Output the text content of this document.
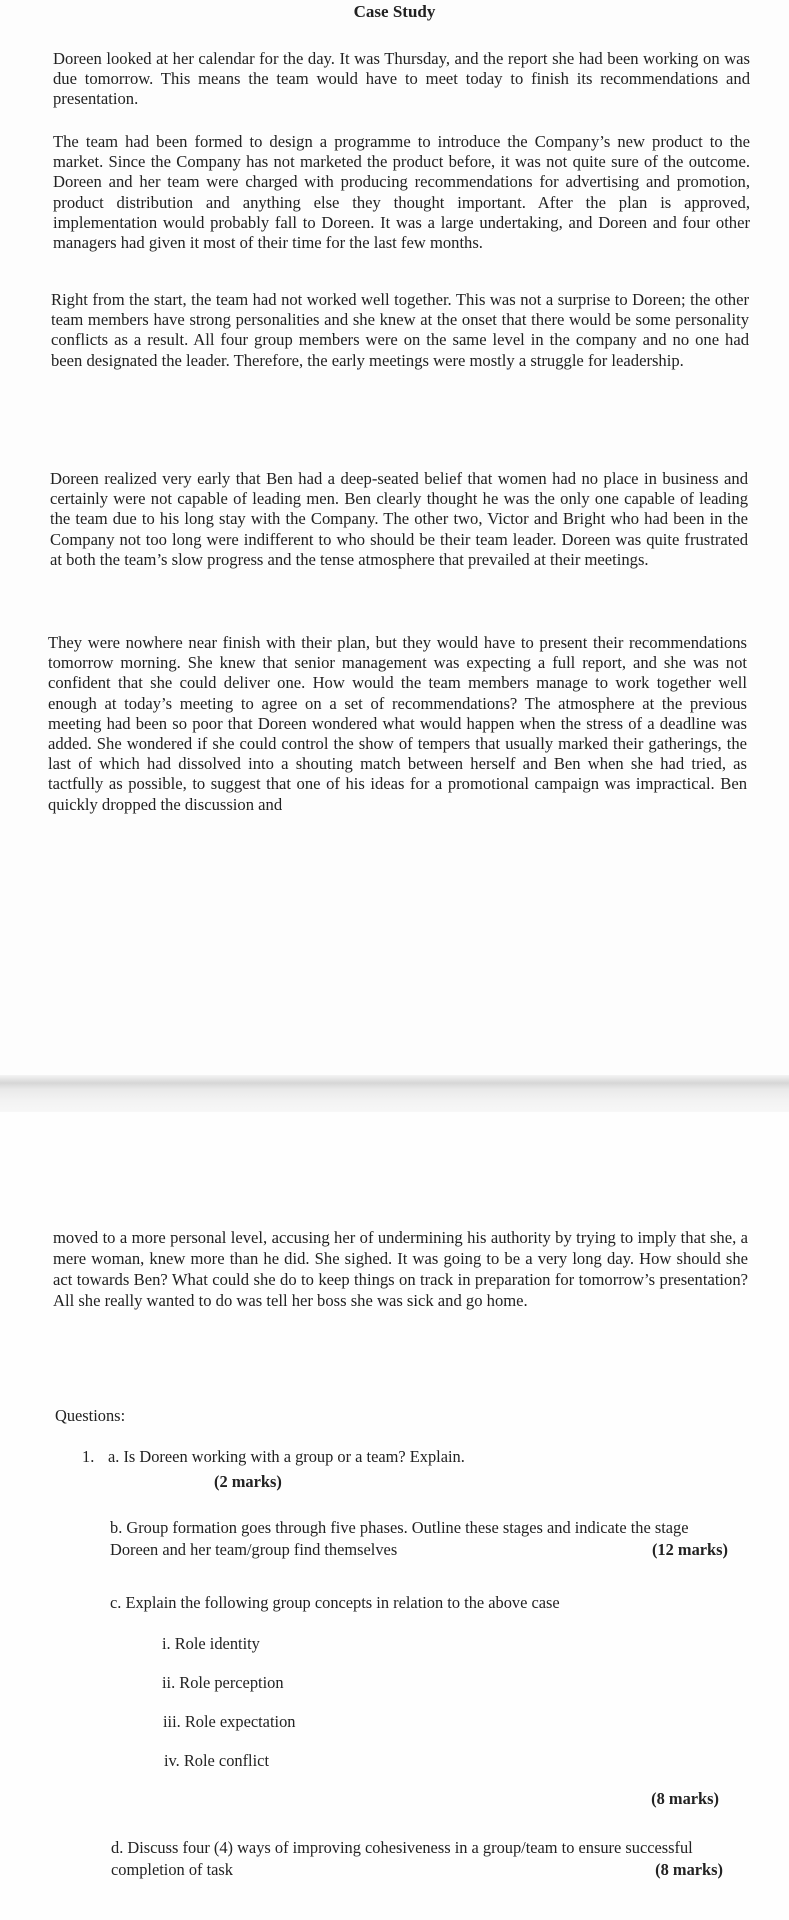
Case Study

Doreen looked at her calendar for the day. It was Thursday, and the report she had been working on was due tomorrow. This means the team would have to meet today to finish its recommendations and presentation.

The team had been formed to design a programme to introduce the Company’s new product to the market. Since the Company has not marketed the product before, it was not quite sure of the outcome. Doreen and her team were charged with producing recommendations for advertising and promotion, product distribution and anything else they thought important. After the plan is approved, implementation would probably fall to Doreen. It was a large undertaking, and Doreen and four other managers had given it most of their time for the last few months.

Right from the start, the team had not worked well together. This was not a surprise to Doreen; the other team members have strong personalities and she knew at the onset that there would be some personality conflicts as a result. All four group members were on the same level in the company and no one had been designated the leader. Therefore, the early meetings were mostly a struggle for leadership.

Doreen realized very early that Ben had a deep-seated belief that women had no place in business and certainly were not capable of leading men. Ben clearly thought he was the only one capable of leading the team due to his long stay with the Company. The other two, Victor and Bright who had been in the Company not too long were indifferent to who should be their team leader. Doreen was quite frustrated at both the team’s slow progress and the tense atmosphere that prevailed at their meetings.

They were nowhere near finish with their plan, but they would have to present their recommendations tomorrow morning. She knew that senior management was expecting a full report, and she was not confident that she could deliver one. How would the team members manage to work together well enough at today’s meeting to agree on a set of recommendations? The atmosphere at the previous meeting had been so poor that Doreen wondered what would happen when the stress of a deadline was added. She wondered if she could control the show of tempers that usually marked their gatherings, the last of which had dissolved into a shouting match between herself and Ben when she had tried, as tactfully as possible, to suggest that one of his ideas for a promotional campaign was impractical. Ben quickly dropped the discussion and

moved to a more personal level, accusing her of undermining his authority by trying to imply that she, a mere woman, knew more than he did. She sighed. It was going to be a very long day. How should she act towards Ben? What could she do to keep things on track in preparation for tomorrow’s presentation? All she really wanted to do was tell her boss she was sick and go home.

Questions:
1. a. Is Doreen working with a group or a team? Explain.
(2 marks)
b. Group formation goes through five phases. Outline these stages and indicate the stage Doreen and her team/group find themselves	(12 marks)
c. Explain the following group concepts in relation to the above case
i. Role identity
ii. Role perception
iii. Role expectation
iv. Role conflict
(8 marks)
d. Discuss four (4) ways of improving cohesiveness in a group/team to ensure successful completion of task	(8 marks)
